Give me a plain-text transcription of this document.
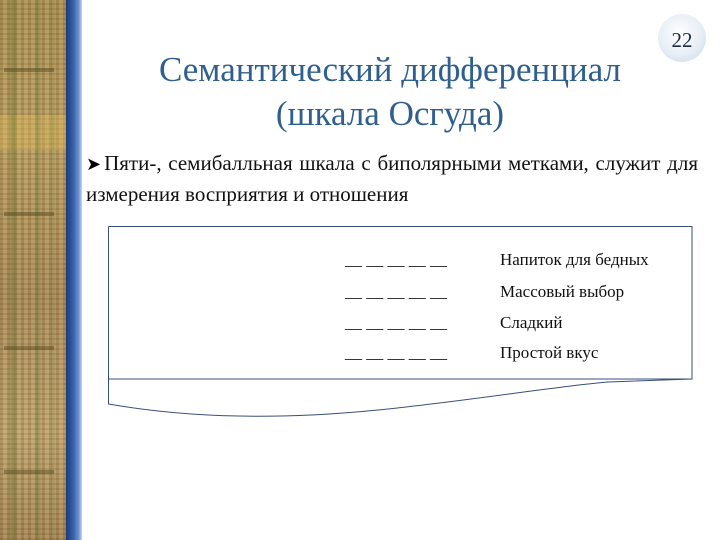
22
Семантический дифференциал
(шкала Осгуда)
➤ Пяти-, семибалльная шкала с биполярными метками, служит для измерения восприятия и отношения
__ __ __ __ __	Напиток для бедных
__ __ __ __ __	Массовый выбор
__ __ __ __ __	Сладкий
__ __ __ __ __	Простой вкус
